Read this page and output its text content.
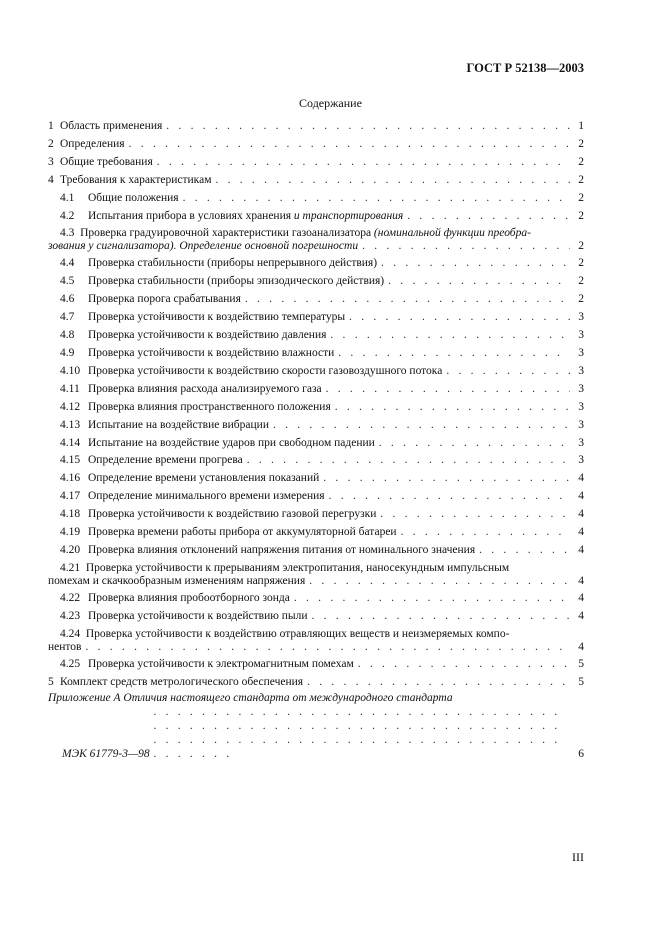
ГОСТ Р 52138—2003
Содержание
1 Область применения . . .	1
2 Определения . . .	2
3 Общие требования . . .	2
4 Требования к характеристикам . . .	2
4.1	Общие положения . . .	2
4.2	Испытания прибора в условиях хранения
и транспортирования . . .	2
4.3 Проверка градуировочной характеристики газоанализатора (номинальной функции преобра-
зования у сигнализатора). Определение основной погрешности . . .	2
4.4	Проверка стабильности (приборы непрерывного действия) . . .	2
4.5	Проверка стабильности (приборы эпизодического действия) . . .	2
4.6	Проверка порога срабатывания . . .	2
4.7	Проверка устойчивости к воздействию температуры . . .	3
4.8	Проверка устойчивости к воздействию давления . . .	3
4.9	Проверка устойчивости к воздействию влажности . . .	3
4.10 Проверка устойчивости к воздействию скорости газовоздушного потока . . .	3
4.11 Проверка влияния расхода анализируемого газа . . .	3
4.12 Проверка влияния пространственного положения . . .	3
4.13 Испытание на воздействие вибрации . . .	3
4.14 Испытание на воздействие ударов при свободном падении . . .	3
4.15 Определение времени прогрева . . .	3
4.16 Определение времени установления показаний . . .	4
4.17 Определение минимального времени измерения . . .	4
4.18 Проверка устойчивости к воздействию газовой перегрузки . . .	4
4.19 Проверка времени работы прибора от аккумуляторной батареи . . .	4
4.20 Проверка влияния отклонений напряжения питания от номинального значения . . .	4
4.21 Проверка устойчивости к прерываниям электропитания, наносекундным импульсным
помехам и скачкообразным изменениям напряжения . . .	4
4.22 Проверка влияния пробоотборного зонда . . .	4
4.23 Проверка устойчивости к воздействию пыли . . .	4
4.24 Проверка устойчивости к воздействию отравляющих веществ и неизмеряемых компо-
нентов . . .	4
4.25 Проверка устойчивости к электромагнитным помехам . . .	5
5 Комплект средств метрологического обеспечения . . .	5
Приложение А Отличия настоящего стандарта от международного стандарта
МЭК 61779-3—98 . . .	6
III
